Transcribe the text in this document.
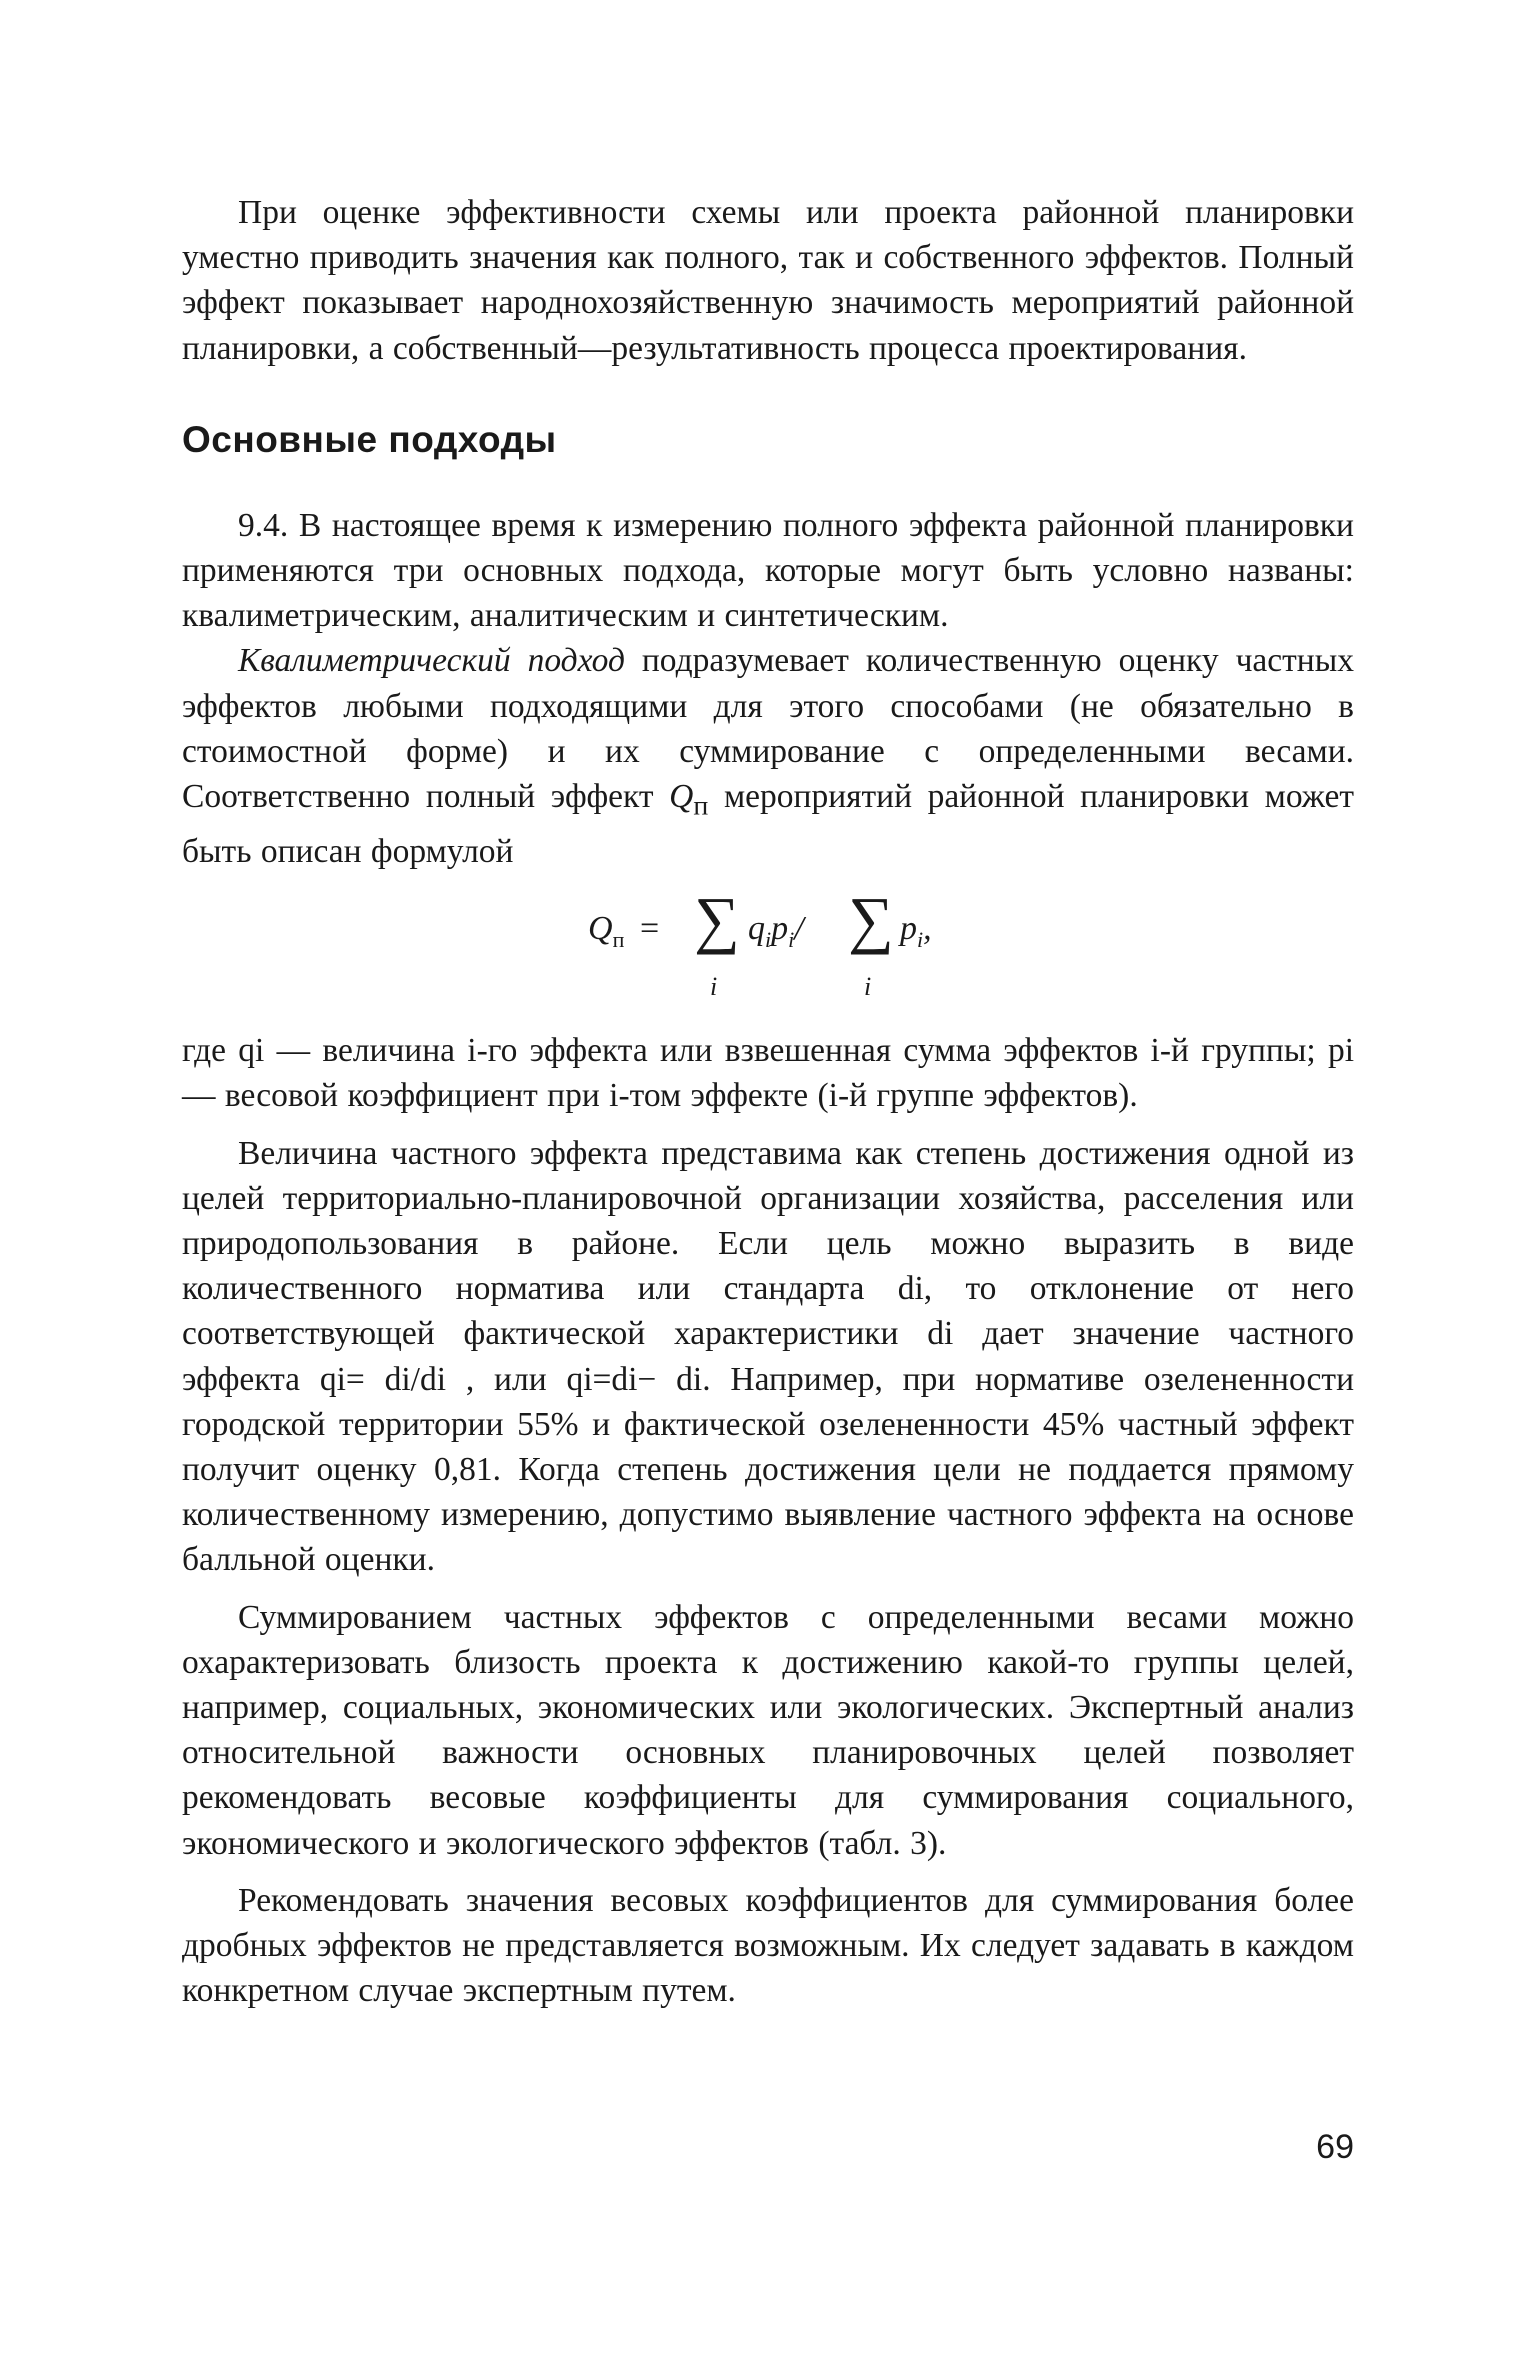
При оценке эффективности схемы или проекта районной планировки уместно приводить значения как полного, так и собственного эффектов. Полный эффект показывает народнохозяйственную значимость мероприятий районной планировки, а собственный—результативность процесса проектирования.

Основные подходы

9.4. В настоящее время к измерению полного эффекта районной планировки применяются три основных подхода, которые могут быть условно названы: квалиметрическим, аналитическим и синтетическим.

Квалиметрический подход подразумевает количественную оценку частных эффектов любыми подходящими для этого способами (не обязательно в стоимостной форме) и их суммирование с определенными весами. Соответственно полный эффект $Q_п$ мероприятий районной планировки может быть описан формулой

$Q_п$ = ∑
i
$q_ip_i/$ ∑
i
$p_i$,

где qi — величина i-го эффекта или взвешенная сумма эффектов i-й группы; pi — весовой коэффициент при i-том эффекте (i-й группе эффектов).

Величина частного эффекта представима как степень достижения одной из целей территориально-планировочной организации хозяйства, расселения или природопользования в районе. Если цель можно выразить в виде количественного норматива или стандарта di, то отклонение от него соответствующей фактической характеристики di дает значение частного эффекта qi= di/di , или qi=di− di. Например, при нормативе озелененности городской территории 55% и фактической озелененности 45% частный эффект получит оценку 0,81. Когда степень достижения цели не поддается прямому количественному измерению, допустимо выявление частного эффекта на основе балльной оценки.

Суммированием частных эффектов с определенными весами можно охарактеризовать близость проекта к достижению какой-то группы целей, например, социальных, экономических или экологических. Экспертный анализ относительной важности основных планировочных целей позволяет рекомендовать весовые коэффициенты для суммирования социального, экономического и экологического эффектов (табл. 3).

Рекомендовать значения весовых коэффициентов для суммирования более дробных эффектов не представляется возможным. Их следует задавать в каждом конкретном случае экспертным путем.

69
